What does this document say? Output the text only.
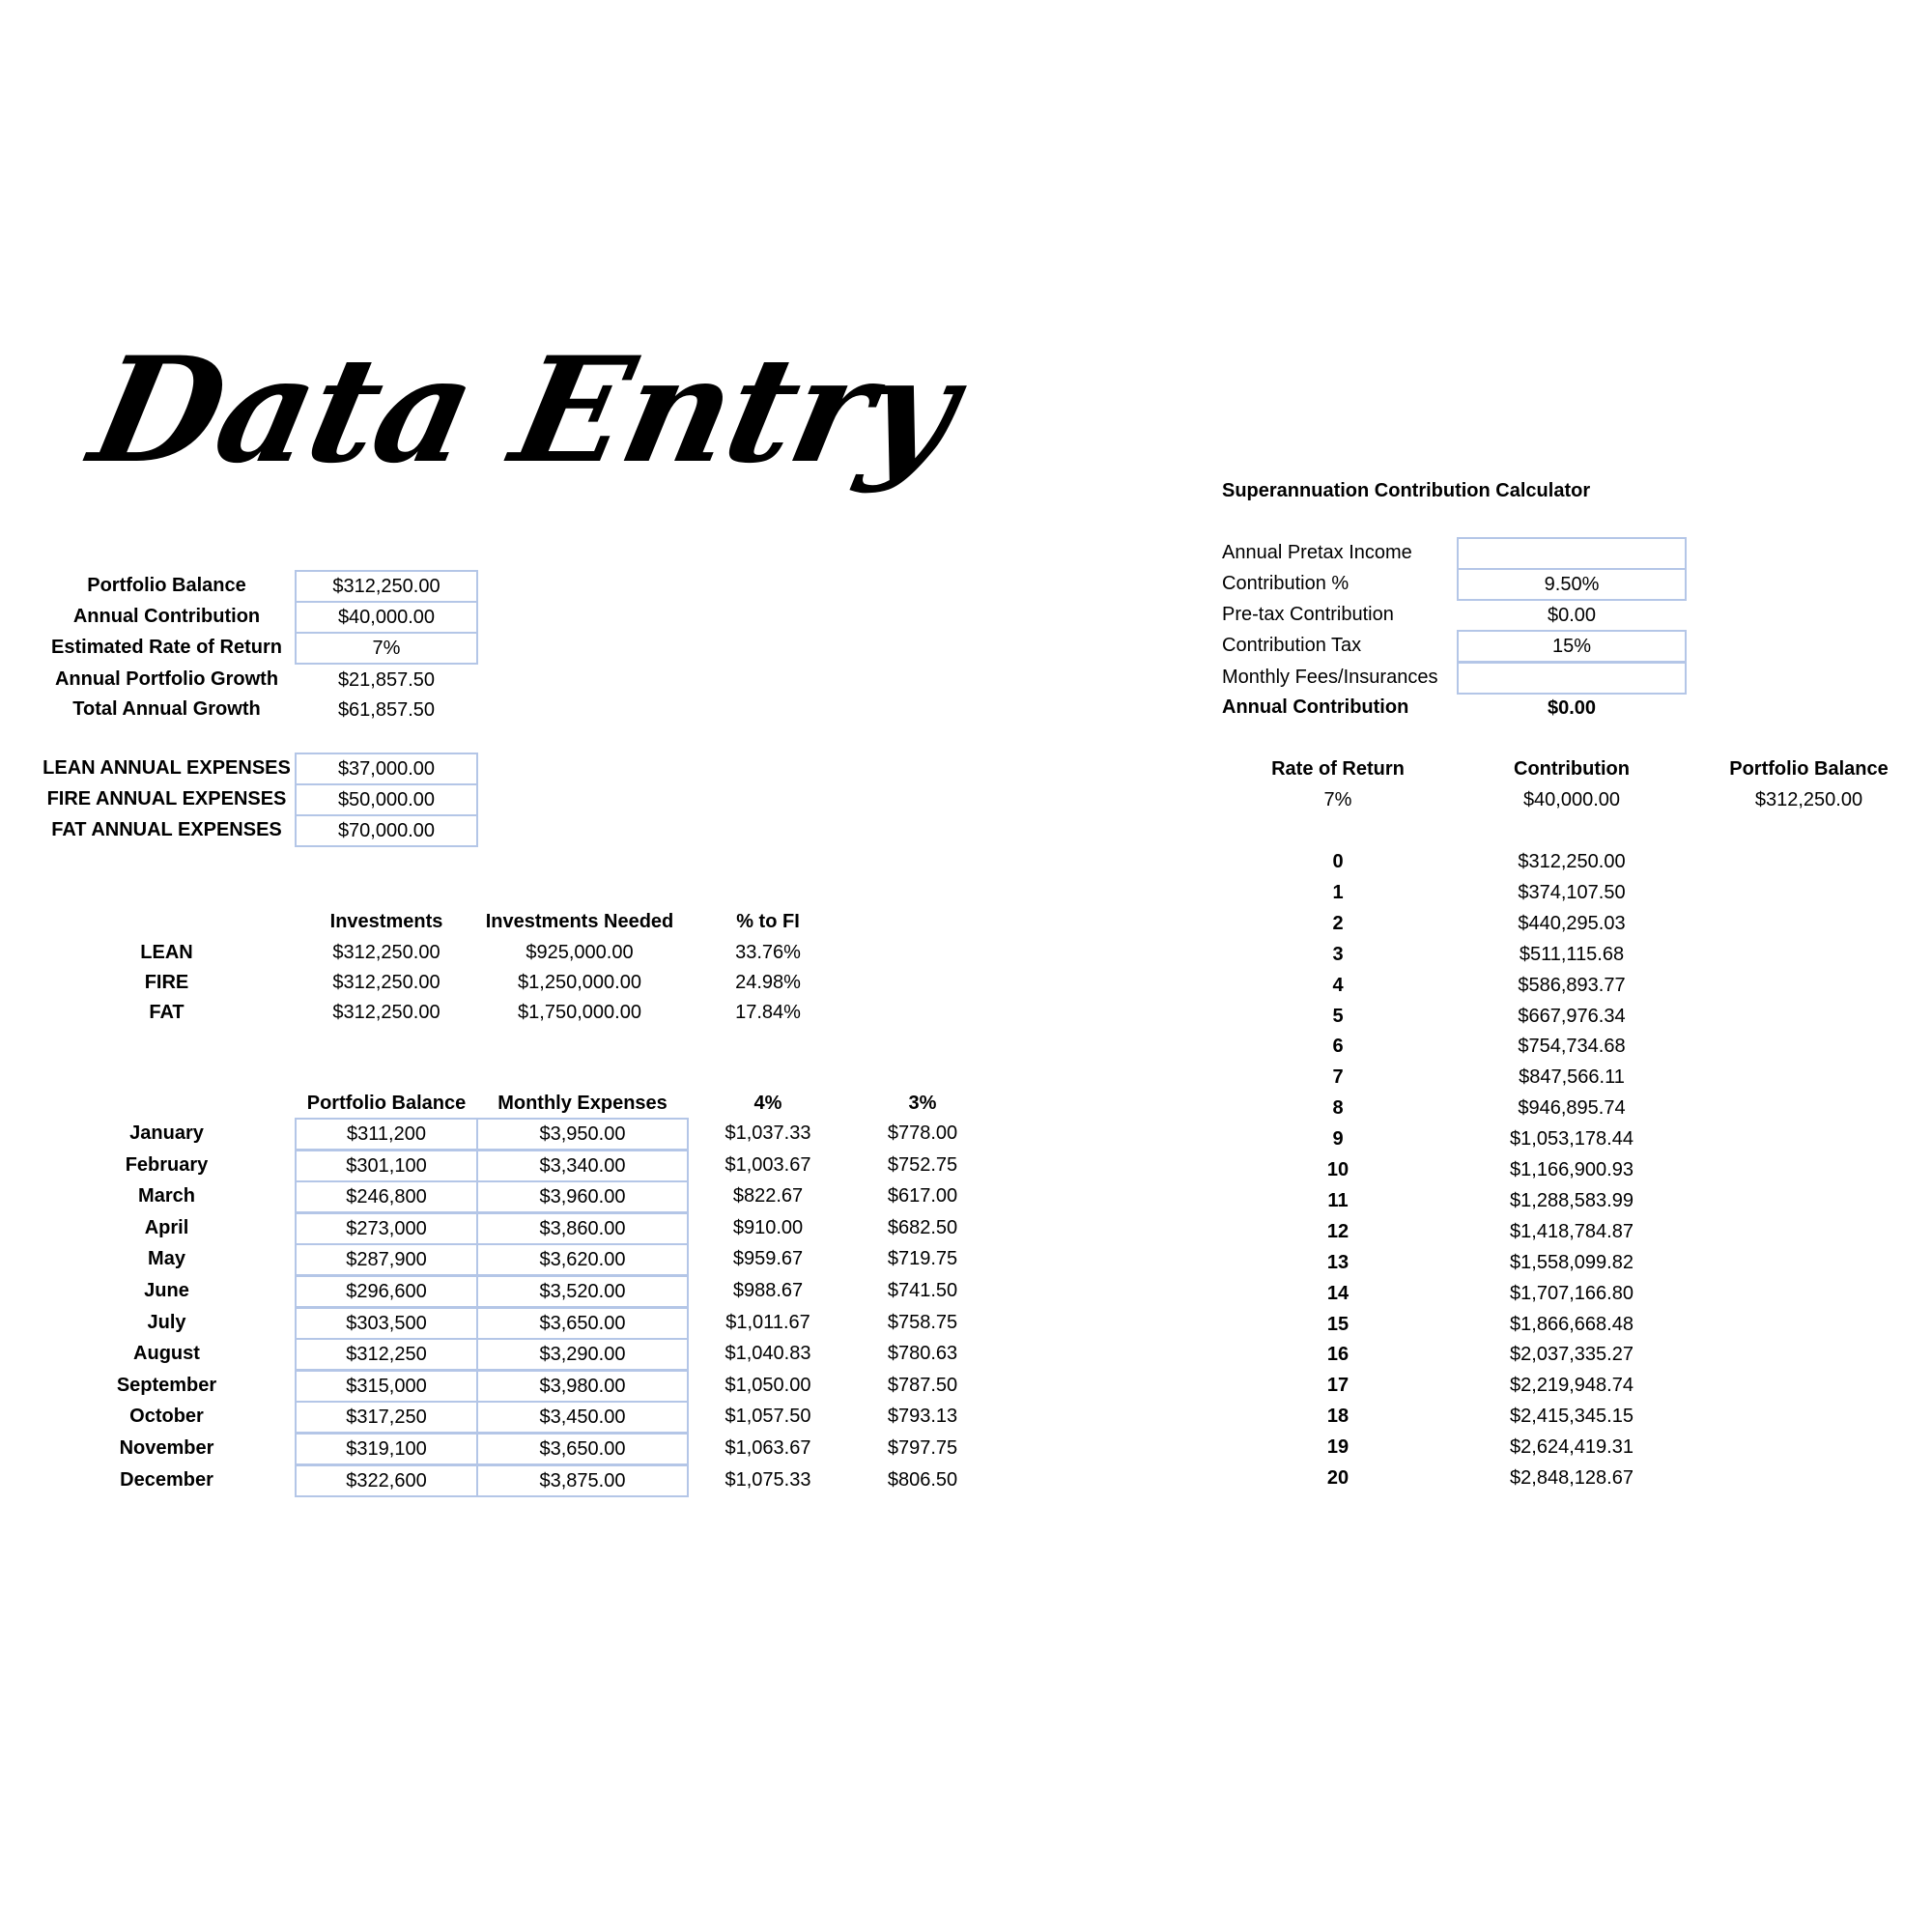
Data Entry
Portfolio Balance	$312,250.00
Annual Contribution	$40,000.00
Estimated Rate of Return	7%
Annual Portfolio Growth	$21,857.50
Total Annual Growth	$61,857.50
LEAN ANNUAL EXPENSES	$37,000.00
FIRE ANNUAL EXPENSES	$50,000.00
FAT ANNUAL EXPENSES	$70,000.00
Investments	Investments Needed	% to FI
LEAN	$312,250.00	$925,000.00	33.76%
FIRE	$312,250.00	$1,250,000.00	24.98%
FAT	$312,250.00	$1,750,000.00	17.84%
Portfolio Balance	Monthly Expenses	4%	3%
January	$311,200	$3,950.00	$1,037.33	$778.00
February	$301,100	$3,340.00	$1,003.67	$752.75
March	$246,800	$3,960.00	$822.67	$617.00
April	$273,000	$3,860.00	$910.00	$682.50
May	$287,900	$3,620.00	$959.67	$719.75
June	$296,600	$3,520.00	$988.67	$741.50
July	$303,500	$3,650.00	$1,011.67	$758.75
August	$312,250	$3,290.00	$1,040.83	$780.63
September	$315,000	$3,980.00	$1,050.00	$787.50
October	$317,250	$3,450.00	$1,057.50	$793.13
November	$319,100	$3,650.00	$1,063.67	$797.75
December	$322,600	$3,875.00	$1,075.33	$806.50
Superannuation Contribution Calculator
Annual Pretax Income
Contribution %	9.50%
Pre-tax Contribution	$0.00
Contribution Tax	15%
Monthly Fees/Insurances
Annual Contribution	$0.00
Rate of Return	Contribution	Portfolio Balance
7%	$40,000.00	$312,250.00
0	$312,250.00
1	$374,107.50
2	$440,295.03
3	$511,115.68
4	$586,893.77
5	$667,976.34
6	$754,734.68
7	$847,566.11
8	$946,895.74
9	$1,053,178.44
10	$1,166,900.93
11	$1,288,583.99
12	$1,418,784.87
13	$1,558,099.82
14	$1,707,166.80
15	$1,866,668.48
16	$2,037,335.27
17	$2,219,948.74
18	$2,415,345.15
19	$2,624,419.31
20	$2,848,128.67
